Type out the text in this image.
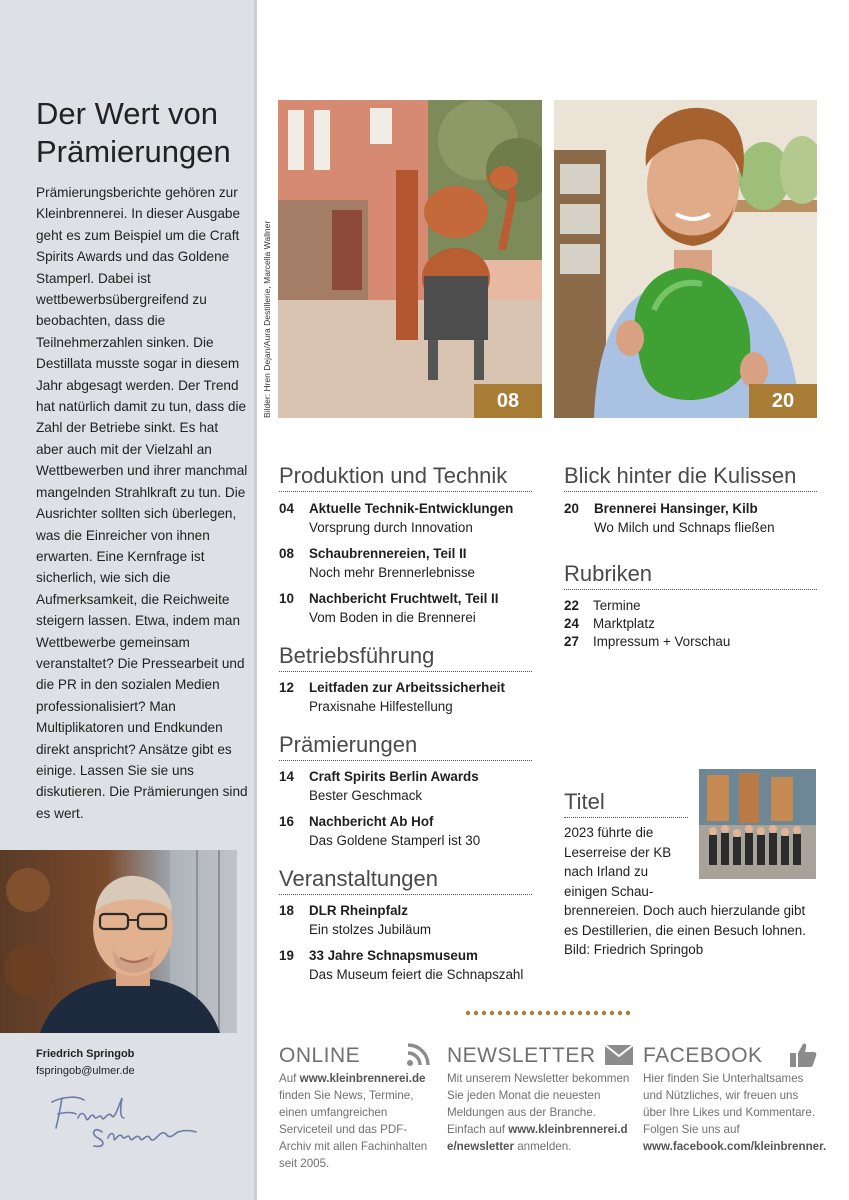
Der Wert von Prämierungen

Prämierungsberichte gehören zur Kleinbrennerei. In dieser Ausgabe geht es zum Beispiel um die Craft Spirits Awards und das Goldene Stamperl. Dabei ist wettbewerbsübergreifend zu beobachten, dass die Teilnehmerzahlen sinken. Die Destillata musste sogar in diesem Jahr abgesagt werden. Der Trend hat natürlich damit zu tun, dass die Zahl der Betriebe sinkt. Es hat aber auch mit der Vielzahl an Wettbewerben und ihrer manchmal mangelnden Strahlkraft zu tun. Die Ausrichter sollten sich überlegen, was die Einreicher von ihnen erwarten. Eine Kernfrage ist sicherlich, wie sich die Aufmerksamkeit, die Reichweite steigern lassen. Etwa, indem man Wettbewerbe gemeinsam veranstaltet? Die Pressearbeit und die PR in den sozialen Medien professionalisiert? Man Multiplikatoren und Endkunden direkt anspricht? Ansätze gibt es einige. Lassen Sie sie uns diskutieren. Die Prämierungen sind es wert.

Friedrich Springob
fspringob@ulmer.de
08	20
Bilder: Hren Dejan/Aura Destillerie, Marcella Wallner
Produktion und Technik
04	Aktuelle Technik-Entwicklungen
Vorsprung durch Innovation
08	Schaubrennereien, Teil II
Noch mehr Brennerlebnisse
10	Nachbericht Fruchtwelt, Teil II
Vom Boden in die Brennerei
Betriebsführung
12	Leitfaden zur Arbeitssicherheit
Praxisnahe Hilfestellung
Prämierungen
14	Craft Spirits Berlin Awards
Bester Geschmack
16	Nachbericht Ab Hof
Das Goldene Stamperl ist 30
Veranstaltungen
18	DLR Rheinpfalz
Ein stolzes Jubiläum
19	33 Jahre Schnapsmuseum
Das Museum feiert die Schnapszahl
Blick hinter die Kulissen
20	Brennerei Hansinger, Kilb
Wo Milch und Schnaps fließen
Rubriken
22 Termine
24 Marktplatz
27 Impressum + Vorschau
Titel
2023 führte die
Leserreise der KB
nach Irland zu
einigen Schau-
brennereien. Doch auch hierzulande gibt es Destillerien, die einen Besuch lohnen. Bild: Friedrich Springob
ONLINE
Auf www.kleinbrennerei.de finden Sie News, Termine, einen umfangreichen Serviceteil und das PDF-Archiv mit allen Fachinhalten seit 2005.
NEWSLETTER
Mit unserem Newsletter bekommen Sie jeden Monat die neuesten Meldungen aus der Branche. Einfach auf www.kleinbrennerei.de/newsletter anmelden.
FACEBOOK
Hier finden Sie Unterhaltsames und Nützliches, wir freuen uns über Ihre Likes und Kommentare. Folgen Sie uns auf www.facebook.com/kleinbrenner.
